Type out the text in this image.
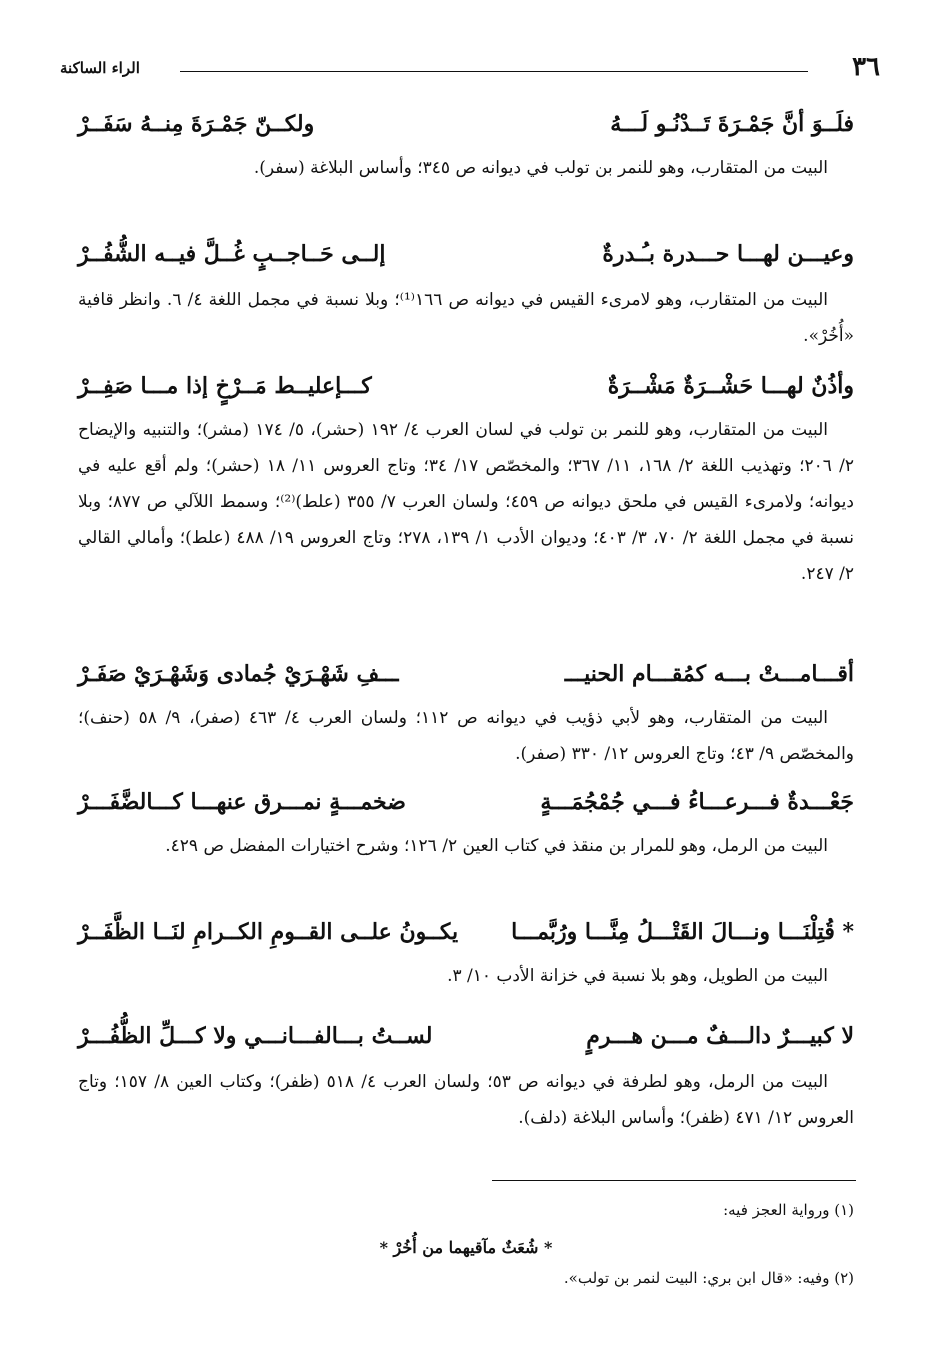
٣٦
الراء الساكنة
فلَــوَ أنَّ جَمْـرَةَ تَــدْنُـو لَـــهُ
ولكــنّ جَمْـرَةَ مِنــهُ سَفَــرْ

البيت من المتقارب، وهو للنمر بن تولب في ديوانه ص ٣٤٥؛ وأساس البلاغة (سفر).

وعيـــن لهـــا حـــدرة بـُـدرةٌ
إلــى حَــاجــبٍ غُــلَّ فيــه الشُّفُــرْ

البيت من المتقارب، وهو لامرىء القيس في ديوانه ص ١٦٦⁽¹⁾؛ وبلا نسبة في مجمل اللغة ٤/ ٦. وانظر قافية «أُخُرْ».

وأذُنٌ لهـــا حَشْــرَةٌ مَشْــرَةٌ
كـــإعليــط مَــرْخٍ إذا مـــا صَفِــرْ

البيت من المتقارب، وهو للنمر بن تولب في لسان العرب ٤/ ١٩٢ (حشر)، ٥/ ١٧٤ (مشر)؛ والتنبيه والإيضاح ٢/ ٢٠٦؛ وتهذيب اللغة ٢/ ١٦٨، ١١/ ٣٦٧؛ والمخصّص ١٧/ ٣٤؛ وتاج العروس ١١/ ١٨ (حشر)؛ ولم أقع عليه في ديوانه؛ ولامرىء القيس في ملحق ديوانه ص ٤٥٩؛ ولسان العرب ٧/ ٣٥٥ (علط)⁽²⁾؛ وسمط اللآلي ص ٨٧٧؛ وبلا نسبة في مجمل اللغة ٢/ ٧٠، ٣/ ٤٠٣؛ وديوان الأدب ١/ ١٣٩، ٢٧٨؛ وتاج العروس ١٩/ ٤٨٨ (علط)؛ وأمالي القالي ٢/ ٢٤٧.

أقـــامـــتْ بـــه كمُقـــام الحنيـــ
ـــفِ شَهْـرَيْ جُمادى وَشَهْـرَيْ صَفَـرْ

البيت من المتقارب، وهو لأبي ذؤيب في ديوانه ص ١١٢؛ ولسان العرب ٤/ ٤٦٣ (صفر)، ٩/ ٥٨ (حنف)؛ والمخصّص ٩/ ٤٣؛ وتاج العروس ١٢/ ٣٣٠ (صفر).

جَعْـــدةٌ فـــرعـــاءُ فـــي جُمْجُمَـــةٍ
ضخمـــةٍ نمـــرق عنهـــا كـــالضَّفَـــرْ

البيت من الرمل، وهو للمرار بن منقذ في كتاب العين ٢/ ١٢٦؛ وشرح اختيارات المفضل ص ٤٢٩.

* قُتِلْنَـــا ونـــالَ القَتْـــلُ مِنَّـــا ورُبَّمـــا
يكــونُ علــى القــومِ الكــرامِ لنَــا الظَّفَــرْ

البيت من الطويل، وهو بلا نسبة في خزانة الأدب ١٠/ ٣.

لا كبيـــرٌ دالـــفٌ مـــن هـــرمٍ
لســتُ بـــالفـــانـــي ولا كـــلِّ الظُّفُـــرْ

البيت من الرمل، وهو لطرفة في ديوانه ص ٥٣؛ ولسان العرب ٤/ ٥١٨ (ظفر)؛ وكتاب العين ٨/ ١٥٧؛ وتاج العروس ١٢/ ٤٧١ (ظفر)؛ وأساس البلاغة (دلف).

(١) ورواية العجز فيه:
* شُعَثٌ مآقيهما من أُخُرْ *
(٢) وفيه: «قال ابن بري: البيت لنمر بن تولب».
